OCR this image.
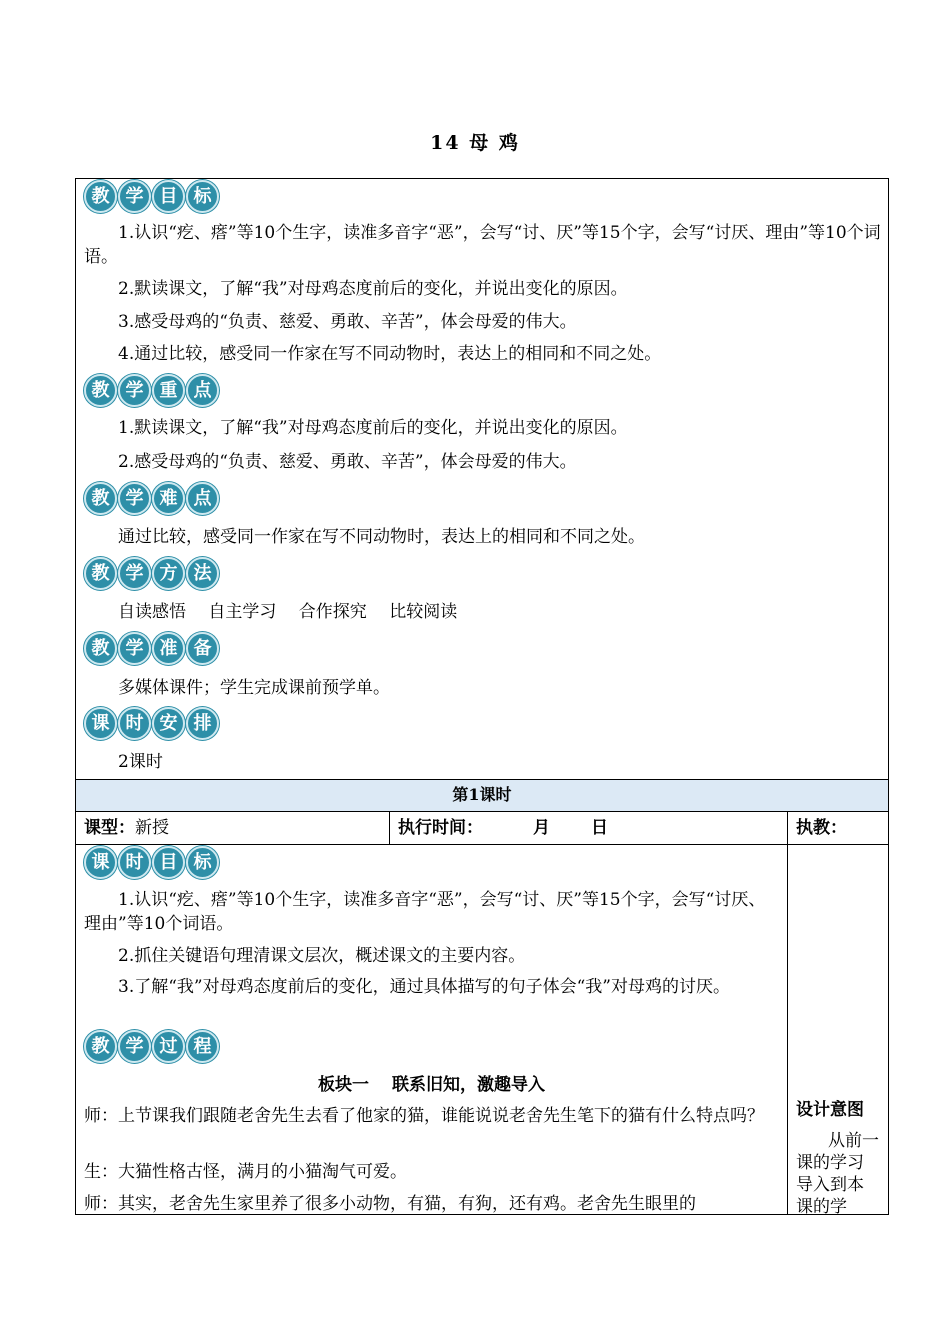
14 母 鸡
教 学 目 标
1.认识“疙、瘩”等10个生字，读准多音字“恶”，会写“讨、厌”等15个字，会写“讨厌、理由”等10个词语。
2.默读课文，了解“我”对母鸡态度前后的变化，并说出变化的原因。
3.感受母鸡的“负责、慈爱、勇敢、辛苦”，体会母爱的伟大。
4.通过比较，感受同一作家在写不同动物时，表达上的相同和不同之处。
教 学 重 点
1.默读课文，了解“我”对母鸡态度前后的变化，并说出变化的原因。
2.感受母鸡的“负责、慈爱、勇敢、辛苦”，体会母爱的伟大。
教 学 难 点
通过比较，感受同一作家在写不同动物时，表达上的相同和不同之处。
教 学 方 法
自读感悟　 自主学习　 合作探究　 比较阅读
教 学 准 备
多媒体课件；学生完成课前预学单。
课 时 安 排
2课时
第1课时
课型：新授	执行时间：	月 日	执教：
课 时 目 标
1.认识“疙、瘩”等10个生字，读准多音字“恶”，会写“讨、厌”等15个字，会写“讨厌、理由”等10个词语。
2.抓住关键语句理清课文层次，概述课文的主要内容。
3.了解“我”对母鸡态度前后的变化，通过具体描写的句子体会“我”对母鸡的讨厌。
教 学 过 程
板块一　 联系旧知，激趣导入
师：上节课我们跟随老舍先生去看了他家的猫，谁能说说老舍先生笔下的猫有什么特点吗？
生：大猫性格古怪，满月的小猫淘气可爱。
师：其实，老舍先生家里养了很多小动物，有猫，有狗，还有鸡。老舍先生眼里的
设计意图
从前一课的学习导入到本课的学
